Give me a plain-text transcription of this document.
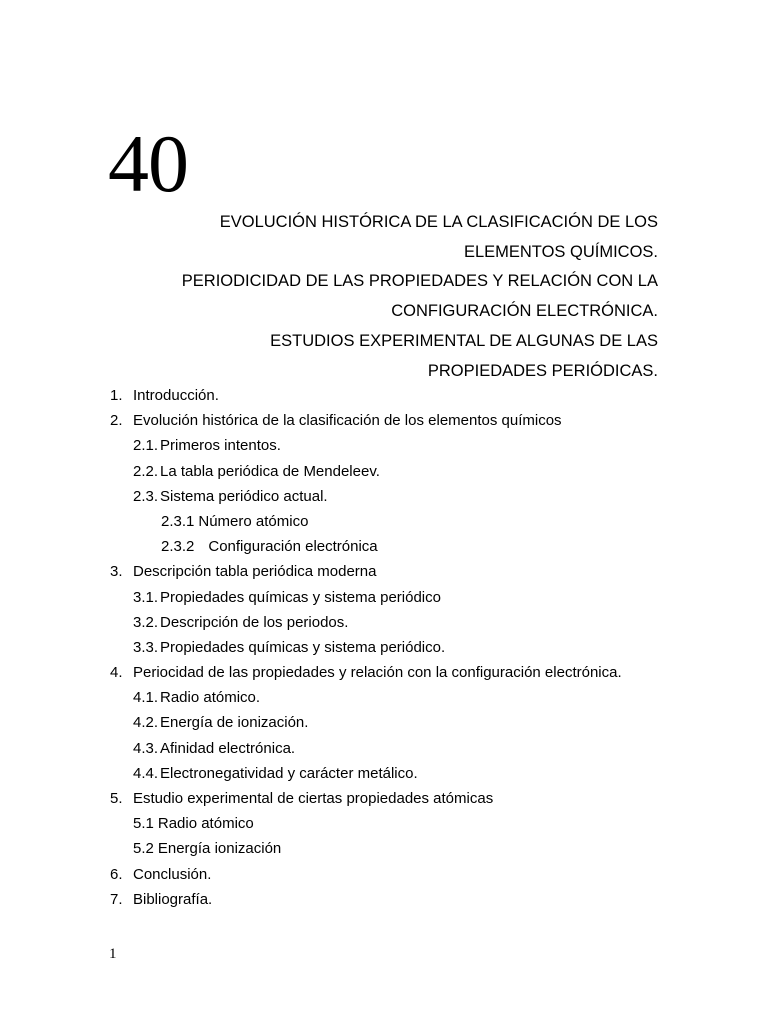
40
EVOLUCIÓN HISTÓRICA DE LA CLASIFICACIÓN DE LOS
ELEMENTOS QUÍMICOS.
PERIODICIDAD DE LAS PROPIEDADES Y RELACIÓN CON LA
CONFIGURACIÓN ELECTRÓNICA.
ESTUDIOS EXPERIMENTAL DE ALGUNAS DE LAS
PROPIEDADES PERIÓDICAS.
1. Introducción.
2. Evolución histórica de la clasificación de los elementos químicos
2.1. Primeros intentos.
2.2. La tabla periódica de Mendeleev.
2.3. Sistema periódico actual.
2.3.1 Número atómico
2.3.2 Configuración electrónica
3. Descripción tabla periódica moderna
3.1. Propiedades químicas y sistema periódico
3.2. Descripción de los periodos.
3.3. Propiedades químicas y sistema periódico.
4. Periocidad de las propiedades y relación con la configuración electrónica.
4.1. Radio atómico.
4.2. Energía de ionización.
4.3. Afinidad electrónica.
4.4. Electronegatividad y carácter metálico.
5. Estudio experimental de ciertas propiedades atómicas
5.1 Radio atómico
5.2 Energía ionización
6. Conclusión.
7. Bibliografía.
1
